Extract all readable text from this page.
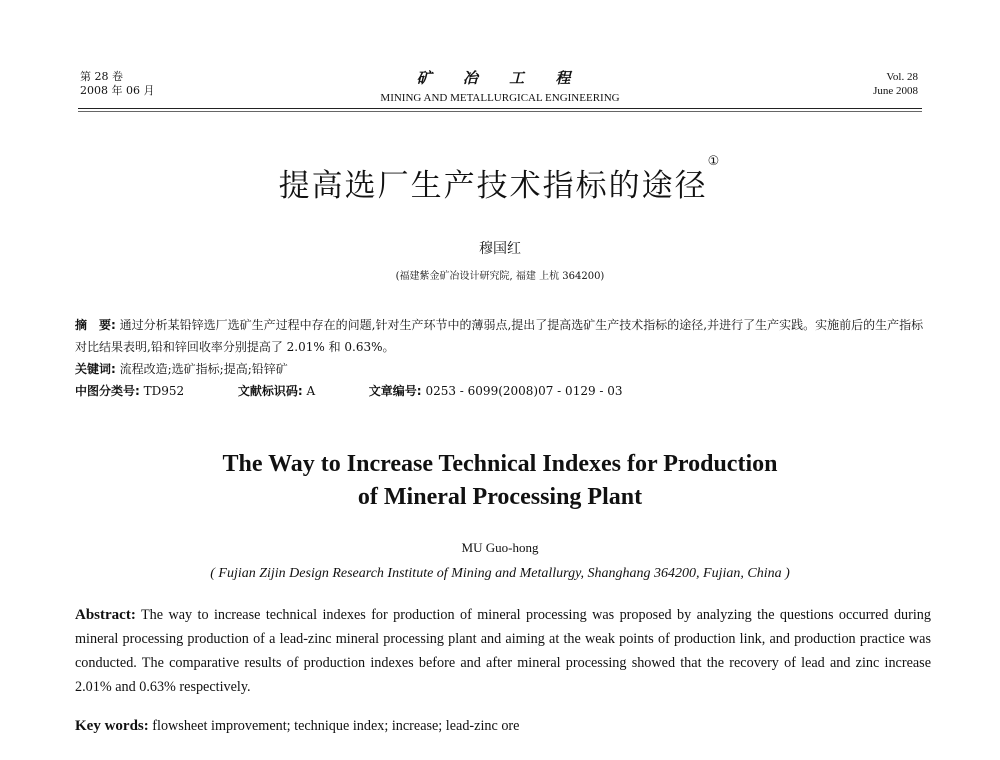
第 28 卷
2008 年 06 月
矿 冶 工 程
MINING AND METALLURGICAL ENGINEERING
Vol. 28
June 2008
提高选厂生产技术指标的途径①
穆国红
(福建紫金矿冶设计研究院, 福建 上杭 364200)
摘　要: 通过分析某铅锌选厂选矿生产过程中存在的问题,针对生产环节中的薄弱点,提出了提高选矿生产技术指标的途径,并进行了生产实践。实施前后的生产指标对比结果表明,铅和锌回收率分别提高了 2.01% 和 0.63%。
关键词: 流程改造;选矿指标;提高;铅锌矿
中图分类号: TD952	文献标识码: A	文章编号: 0253 - 6099(2008)07 - 0129 - 03
The Way to Increase Technical Indexes for Production
of Mineral Processing Plant
MU Guo-hong
( Fujian Zijin Design Research Institute of Mining and Metallurgy, Shanghang 364200, Fujian, China )
Abstract: The way to increase technical indexes for production of mineral processing was proposed by analyzing the questions occurred during mineral processing production of a lead-zinc mineral processing plant and aiming at the weak points of production link, and production practice was conducted. The comparative results of production indexes before and after mineral processing showed that the recovery of lead and zinc increase 2.01% and 0.63% respectively.
Key words: flowsheet improvement; technique index; increase; lead-zinc ore
